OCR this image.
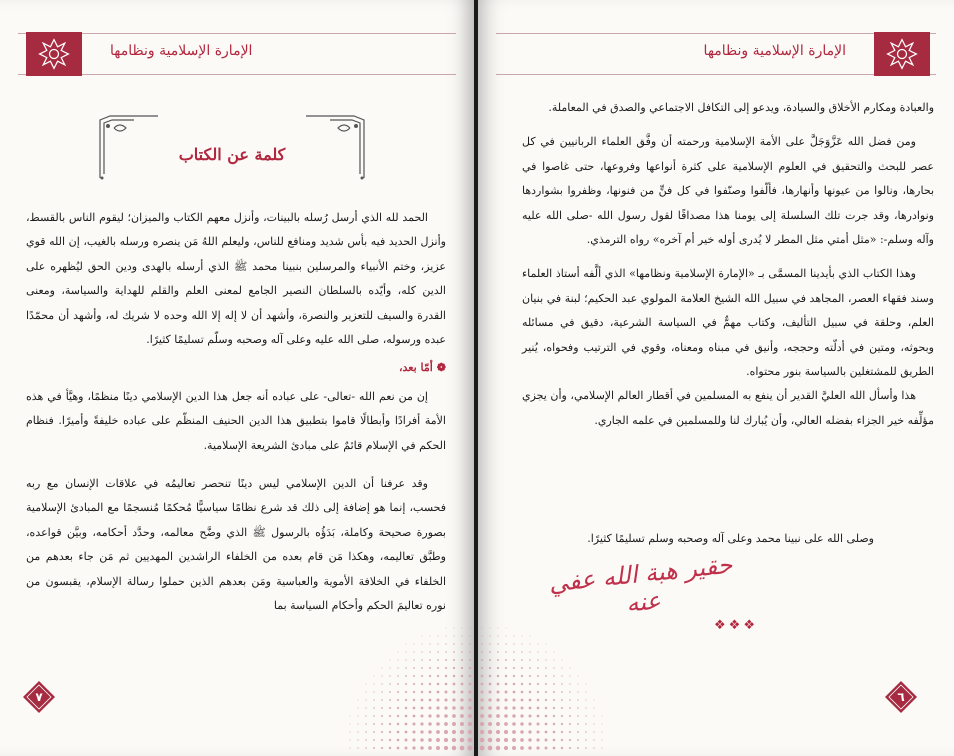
الإمارة الإسلامية ونظامها
كلمة عن الكتاب

الحمد لله الذي أرسل رُسله بالبينات، وأنزل معهم الكتاب والميزان؛ ليقوم الناس بالقسط، وأنزل الحديد فيه بأس شديد ومنافع للناس، وليعلم اللهُ مَن ينصره ورسله بالغيب، إن الله قوي عزيز، وختم الأنبياء والمرسلين بنبينا محمد ﷺ الذي أرسله بالهدى ودين الحق ليُظهره على الدين كله، وأيّده بالسلطان النصير الجامع لمعنى العلم والقلم للهداية والسياسة، ومعنى القدرة والسيف للتعزير والنصرة، وأشهد أن لا إله إلا الله وحده لا شريك له، وأشهد أن محمّدًا عبده ورسوله، صلى الله عليه وعلى آله وصحبه وسلّم تسليمًا كثيرًا.

❁أمّا بعد،

إن من نعم الله -تعالى- على عباده أنه جعل هذا الدين الإسلامي دينًا منظمًا، وهيَّأ في هذه الأمة أفرادًا وأبطالًا قاموا بتطبيق هذا الدين الحنيف المنظّم على عباده خليفةً وأميرًا. فنظام الحكم في الإسلام قائمٌ على مبادئ الشريعة الإسلامية.

وقد عرفنا أن الدين الإسلامي ليس دينًا تنحصر تعاليمُه في علاقات الإنسان مع ربه فحسب، إنما هو إضافة إلى ذلك قد شرع نظامًا سياسيًّا مُحكمًا مُنسجمًا مع المبادئ الإسلامية بصورة صحيحة وكاملة، بَدَؤُه بالرسول ﷺ الذي وضَّح معالمه، وحدَّد أحكامه، وبيَّن قواعده، وطبَّق تعاليمه، وهكذا مَن قام بعده من الخلفاء الراشدين المهديين ثم مَن جاء بعدهم من الخلفاء في الخلافة الأموية والعباسية ومَن بعدهم الذين حملوا رسالة الإسلام، يقبسون من نوره تعاليمَ الحكم وأحكام السياسة بما

٧
الإمارة الإسلامية ونظامها

والعبادة ومكارم الأخلاق والسيادة، ويدعو إلى التكافل الاجتماعي والصدق في المعاملة.

ومن فضل الله عَزَّوَجَلَّ على الأمة الإسلامية ورحمته أن وفَّق العلماء الربانيين في كل عصر للبحث والتحقيق في العلوم الإسلامية على كثرة أنواعها وفروعها، حتى غاصوا في بحارها، ونالوا من عيونها وأنهارها، فألّفوا وصنّفوا في كل فنٍّ من فنونها، وظفروا بشواردها ونوادرها، وقد جرت تلك السلسلة إلى يومنا هذا مصداقًا لقول رسول الله -صلى الله عليه وآله وسلم-: «مثل أمتي مثل المطر لا يُدرى أوله خير أم آخره» رواه الترمذي.

وهذا الكتاب الذي بأيدينا المسمَّى بـ «الإمارة الإسلامية ونظامها» الذي ألَّفه أستاذ العلماء وسند فقهاء العصر، المجاهد في سبيل الله الشيخ العلامة المولوي عبد الحكيم؛ لبنة في بنيان العلم، وحلقة في سبيل التأليف، وكتاب مهمٌّ في السياسة الشرعية، دقيق في مسائله وبحوثه، ومتين في أدلّته وحججه، وأنيق في مبناه ومعناه، وقوي في الترتيب وفحواه، يُنير الطريق للمشتغلين بالسياسة بنور محتواه.

هذا وأسأل الله العليَّ القدير أن ينفع به المسلمين في أقطار العالم الإسلامي، وأن يجزي مؤلِّفه خير الجزاء بفضله العالي، وأن يُبارك لنا وللمسلمين في علمه الجاري.

وصلى الله على نبينا محمد وعلى آله وصحبه وسلم تسليمًا كثيرًا.
حقير هبة الله عفي عنه
❖❖❖
٦
